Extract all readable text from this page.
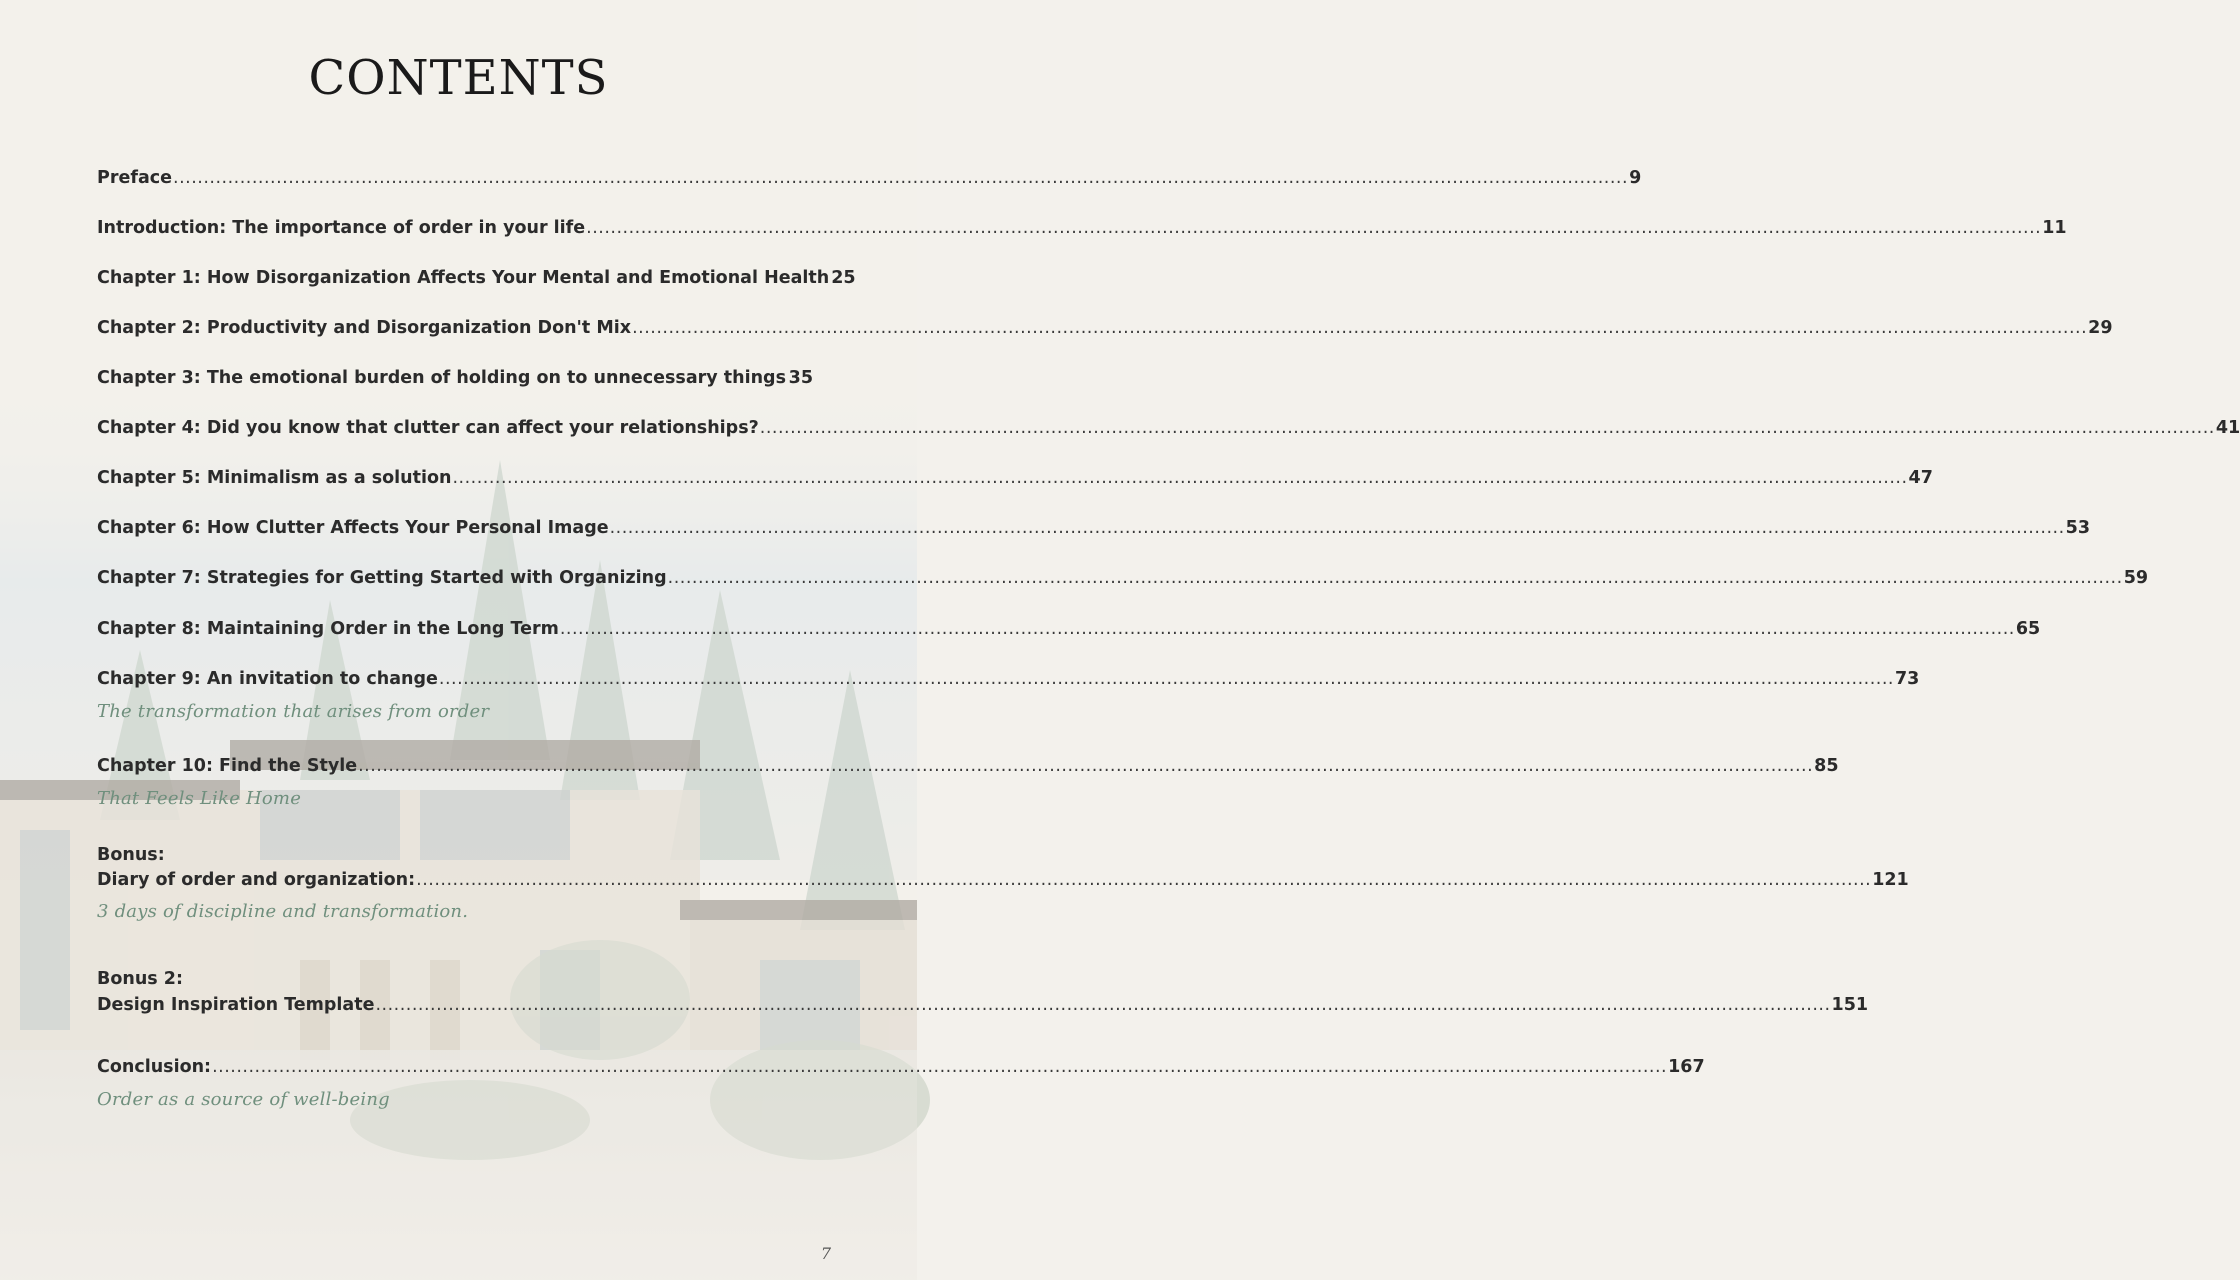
CONTENTS
Preface ................................................................................................................................................................................................................................................ 9
Introduction: The importance of order in your life ................................................................................................................................................................................................................................................ 11
Chapter 1: How Disorganization Affects Your Mental and Emotional Health 25
Chapter 2: Productivity and Disorganization Don't Mix ................................................................................................................................................................................................................................................ 29
Chapter 3: The emotional burden of holding on to unnecessary things 35
Chapter 4: Did you know that clutter can affect your relationships? ................................................................................................................................................................................................................................................ 41
Chapter 5: Minimalism as a solution ................................................................................................................................................................................................................................................ 47
Chapter 6: How Clutter Affects Your Personal Image ................................................................................................................................................................................................................................................ 53
Chapter 7: Strategies for Getting Started with Organizing ................................................................................................................................................................................................................................................ 59
Chapter 8: Maintaining Order in the Long Term ................................................................................................................................................................................................................................................ 65
Chapter 9: An invitation to change ................................................................................................................................................................................................................................................ 73
The transformation that arises from order
Chapter 10: Find the Style ................................................................................................................................................................................................................................................ 85
That Feels Like Home
Bonus:
Diary of order and organization: ................................................................................................................................................................................................................................................ 121
3 days of discipline and transformation.
Bonus 2:
Design Inspiration Template ................................................................................................................................................................................................................................................ 151
Conclusion: ................................................................................................................................................................................................................................................ 167
Order as a source of well-being
7
